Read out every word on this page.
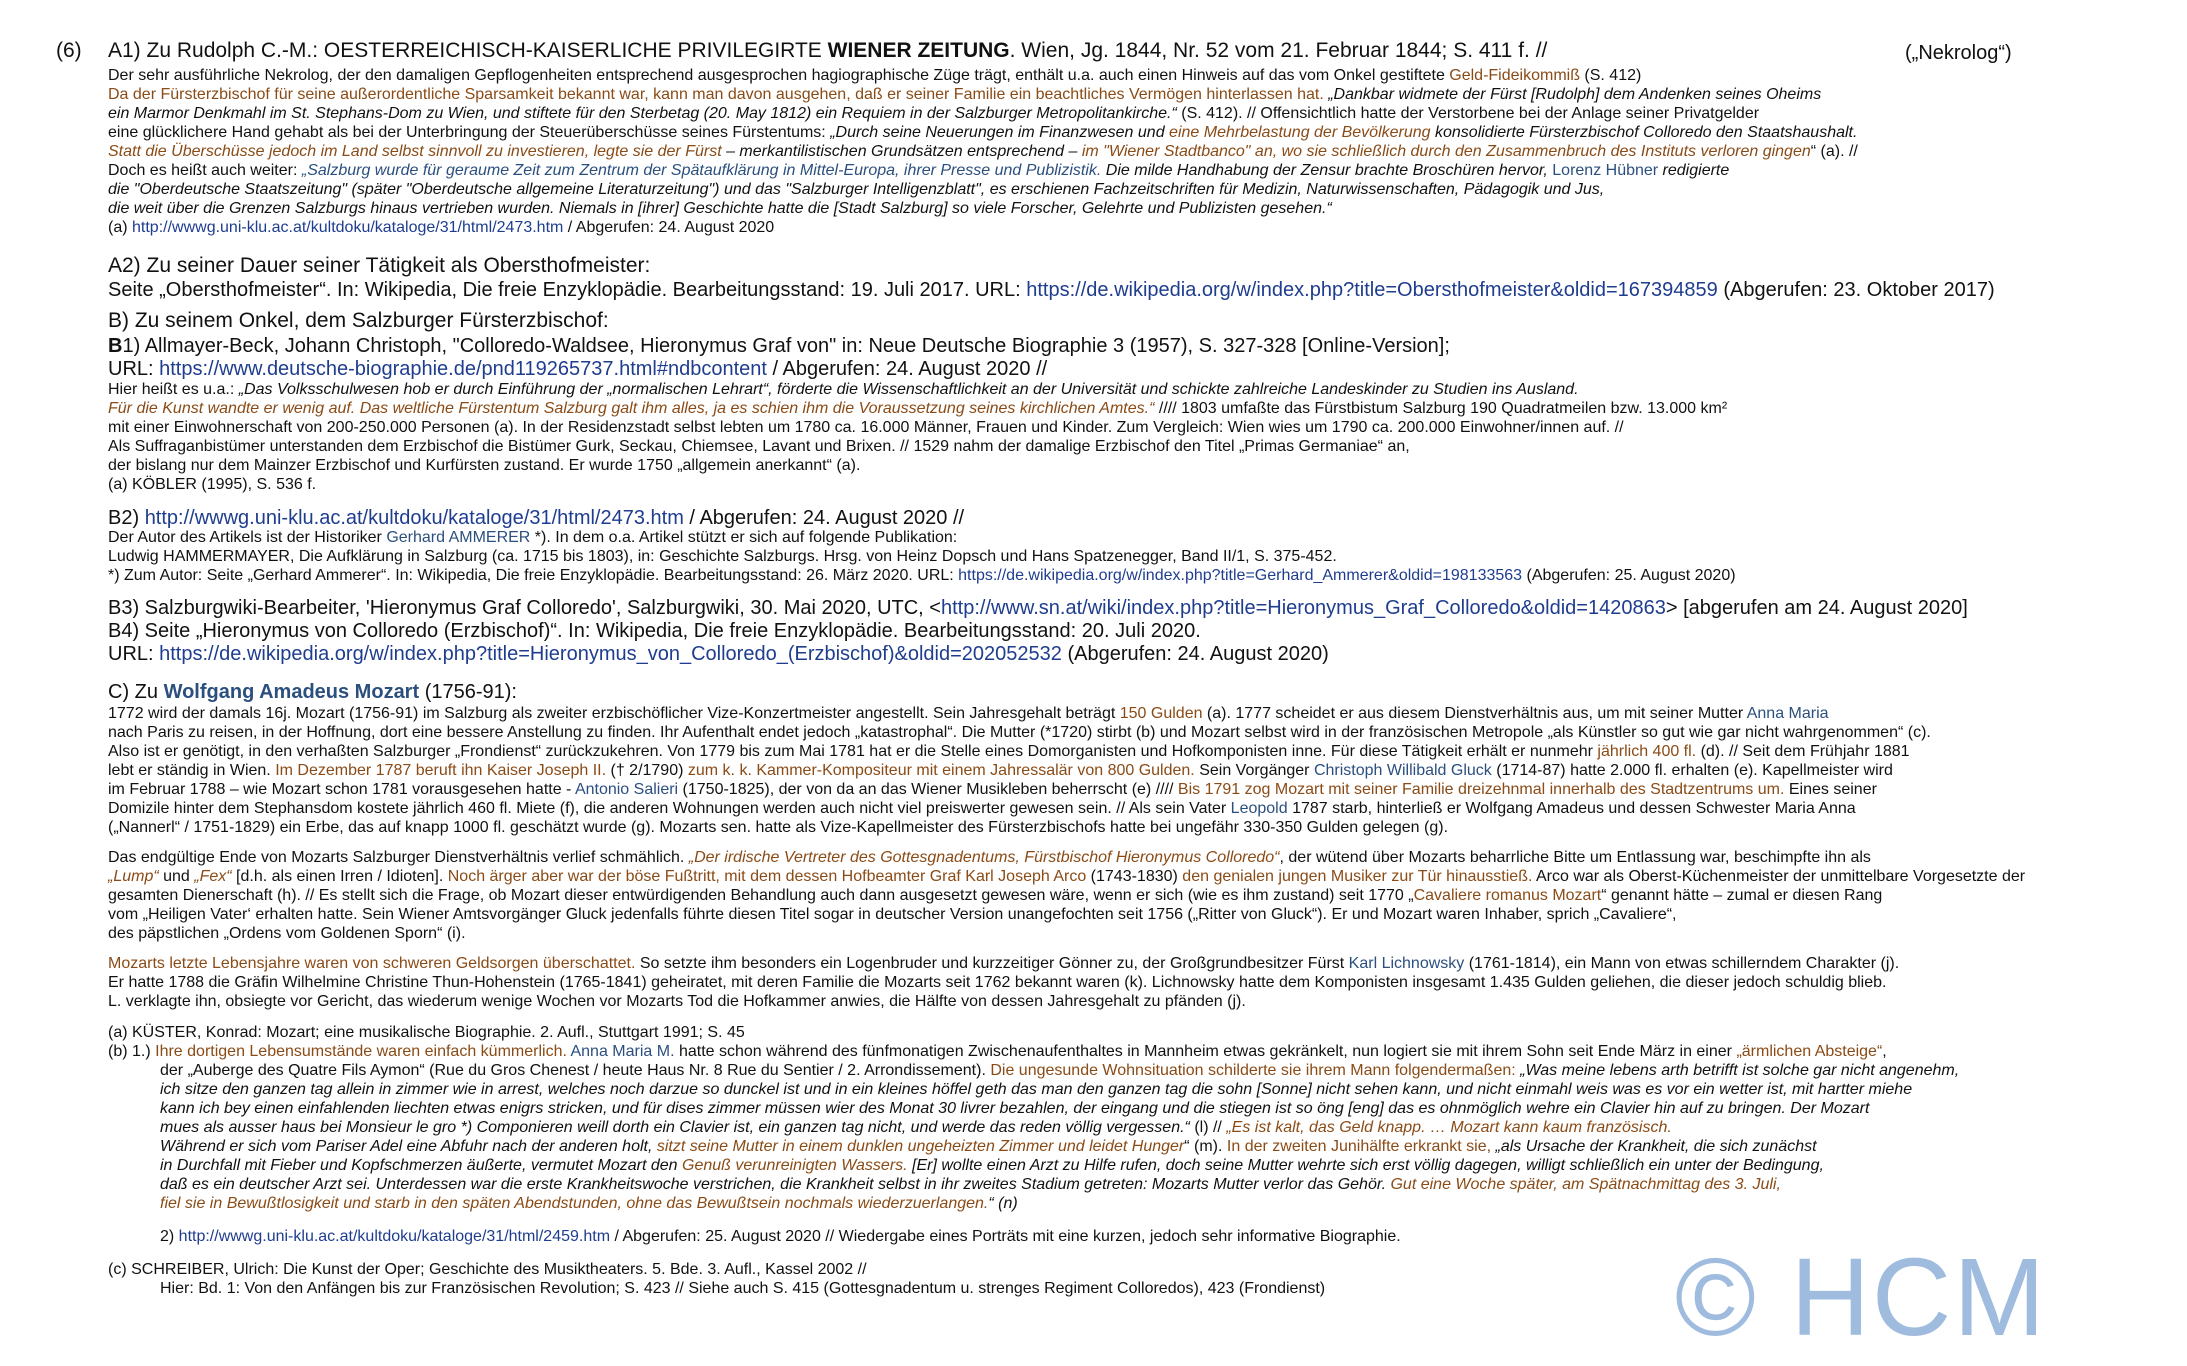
(6)	(„Nekrolog“)
A1) Zu Rudolph C.-M.: OESTERREICHISCH-KAISERLICHE PRIVILEGIRTE WIENER ZEITUNG. Wien, Jg. 1844, Nr. 52 vom 21. Februar 1844; S. 411 f. //
Der sehr ausführliche Nekrolog, der den damaligen Gepflogenheiten entsprechend ausgesprochen hagiographische Züge trägt, enthält u.a. auch einen Hinweis auf das vom Onkel gestiftete Geld-Fideikommiß (S. 412)
Da der Fürsterzbischof für seine außerordentliche Sparsamkeit bekannt war, kann man davon ausgehen, daß er seiner Familie ein beachtliches Vermögen hinterlassen hat. „Dankbar widmete der Fürst [Rudolph] dem Andenken seines Oheims
ein Marmor Denkmahl im St. Stephans-Dom zu Wien, und stiftete für den Sterbetag (20. May 1812) ein Requiem in der Salzburger Metropolitankirche.“ (S. 412). // Offensichtlich hatte der Verstorbene bei der Anlage seiner Privatgelder
eine glücklichere Hand gehabt als bei der Unterbringung der Steuerüberschüsse seines Fürstentums: „Durch seine Neuerungen im Finanzwesen und eine Mehrbelastung der Bevölkerung konsolidierte Fürsterzbischof Colloredo den Staatshaushalt.
Statt die Überschüsse jedoch im Land selbst sinnvoll zu investieren, legte sie der Fürst – merkantilistischen Grundsätzen entsprechend – im "Wiener Stadtbanco" an, wo sie schließlich durch den Zusammenbruch des Instituts verloren gingen“ (a). //
Doch es heißt auch weiter: „Salzburg wurde für geraume Zeit zum Zentrum der Spätaufklärung in Mittel-Europa, ihrer Presse und Publizistik. Die milde Handhabung der Zensur brachte Broschüren hervor, Lorenz Hübner redigierte
die "Oberdeutsche Staatszeitung" (später "Oberdeutsche allgemeine Literaturzeitung") und das "Salzburger Intelligenzblatt", es erschienen Fachzeitschriften für Medizin, Naturwissenschaften, Pädagogik und Jus,
die weit über die Grenzen Salzburgs hinaus vertrieben wurden. Niemals in [ihrer] Geschichte hatte die [Stadt Salzburg] so viele Forscher, Gelehrte und Publizisten gesehen.“
(a) http://wwwg.uni-klu.ac.at/kultdoku/kataloge/31/html/2473.htm / Abgerufen: 24. August 2020
A2) Zu seiner Dauer seiner Tätigkeit als Obersthofmeister:
Seite „Obersthofmeister“. In: Wikipedia, Die freie Enzyklopädie. Bearbeitungsstand: 19. Juli 2017. URL: https://de.wikipedia.org/w/index.php?title=Obersthofmeister&oldid=167394859 (Abgerufen: 23. Oktober 2017)
B) Zu seinem Onkel, dem Salzburger Fürsterzbischof:
B1) Allmayer-Beck, Johann Christoph, "Colloredo-Waldsee, Hieronymus Graf von" in: Neue Deutsche Biographie 3 (1957), S. 327-328 [Online-Version];
URL: https://www.deutsche-biographie.de/pnd119265737.html#ndbcontent / Abgerufen: 24. August 2020 //
Hier heißt es u.a.: „Das Volksschulwesen hob er durch Einführung der „normalischen Lehrart“, förderte die Wissenschaftlichkeit an der Universität und schickte zahlreiche Landeskinder zu Studien ins Ausland.
Für die Kunst wandte er wenig auf. Das weltliche Fürstentum Salzburg galt ihm alles, ja es schien ihm die Voraussetzung seines kirchlichen Amtes.“ //// 1803 umfaßte das Fürstbistum Salzburg 190 Quadratmeilen bzw. 13.000 km²
mit einer Einwohnerschaft von 200-250.000 Personen (a). In der Residenzstadt selbst lebten um 1780 ca. 16.000 Männer, Frauen und Kinder. Zum Vergleich: Wien wies um 1790 ca. 200.000 Einwohner/innen auf. //
Als Suffraganbistümer unterstanden dem Erzbischof die Bistümer Gurk, Seckau, Chiemsee, Lavant und Brixen. // 1529 nahm der damalige Erzbischof den Titel „Primas Germaniae“ an,
der bislang nur dem Mainzer Erzbischof und Kurfürsten zustand. Er wurde 1750 „allgemein anerkannt“ (a).
(a) KÖBLER (1995), S. 536 f.
B2) http://wwwg.uni-klu.ac.at/kultdoku/kataloge/31/html/2473.htm / Abgerufen: 24. August 2020 //
Der Autor des Artikels ist der Historiker Gerhard AMMERER *). In dem o.a. Artikel stützt er sich auf folgende Publikation:
Ludwig HAMMERMAYER, Die Aufklärung in Salzburg (ca. 1715 bis 1803), in: Geschichte Salzburgs. Hrsg. von Heinz Dopsch und Hans Spatzenegger, Band II/1, S. 375-452.
*) Zum Autor: Seite „Gerhard Ammerer“. In: Wikipedia, Die freie Enzyklopädie. Bearbeitungsstand: 26. März 2020. URL: https://de.wikipedia.org/w/index.php?title=Gerhard_Ammerer&oldid=198133563 (Abgerufen: 25. August 2020)
B3) Salzburgwiki-Bearbeiter, 'Hieronymus Graf Colloredo', Salzburgwiki, 30. Mai 2020, UTC, <http://www.sn.at/wiki/index.php?title=Hieronymus_Graf_Colloredo&oldid=1420863> [abgerufen am 24. August 2020]
B4) Seite „Hieronymus von Colloredo (Erzbischof)“. In: Wikipedia, Die freie Enzyklopädie. Bearbeitungsstand: 20. Juli 2020.
URL: https://de.wikipedia.org/w/index.php?title=Hieronymus_von_Colloredo_(Erzbischof)&oldid=202052532 (Abgerufen: 24. August 2020)
C) Zu Wolfgang Amadeus Mozart (1756-91):
1772 wird der damals 16j. Mozart (1756-91) im Salzburg als zweiter erzbischöflicher Vize-Konzertmeister angestellt. Sein Jahresgehalt beträgt 150 Gulden (a). 1777 scheidet er aus diesem Dienstverhältnis aus, um mit seiner Mutter Anna Maria
nach Paris zu reisen, in der Hoffnung, dort eine bessere Anstellung zu finden. Ihr Aufenthalt endet jedoch „katastrophal“. Die Mutter (*1720) stirbt (b) und Mozart selbst wird in der französischen Metropole „als Künstler so gut wie gar nicht wahrgenommen“ (c).
Also ist er genötigt, in den verhaßten Salzburger „Frondienst“ zurückzukehren. Von 1779 bis zum Mai 1781 hat er die Stelle eines Domorganisten und Hofkomponisten inne. Für diese Tätigkeit erhält er nunmehr jährlich 400 fl. (d). // Seit dem Frühjahr 1881
lebt er ständig in Wien. Im Dezember 1787 beruft ihn Kaiser Joseph II. († 2/1790) zum k. k. Kammer-Kompositeur mit einem Jahressalär von 800 Gulden. Sein Vorgänger Christoph Willibald Gluck (1714-87) hatte 2.000 fl. erhalten (e). Kapellmeister wird
im Februar 1788 – wie Mozart schon 1781 vorausgesehen hatte - Antonio Salieri (1750-1825), der von da an das Wiener Musikleben beherrscht (e) //// Bis 1791 zog Mozart mit seiner Familie dreizehnmal innerhalb des Stadtzentrums um. Eines seiner
Domizile hinter dem Stephansdom kostete jährlich 460 fl. Miete (f), die anderen Wohnungen werden auch nicht viel preiswerter gewesen sein. // Als sein Vater Leopold 1787 starb, hinterließ er Wolfgang Amadeus und dessen Schwester Maria Anna
(„Nannerl“ / 1751-1829) ein Erbe, das auf knapp 1000 fl. geschätzt wurde (g). Mozarts sen. hatte als Vize-Kapellmeister des Fürsterzbischofs hatte bei ungefähr 330-350 Gulden gelegen (g).
Das endgültige Ende von Mozarts Salzburger Dienstverhältnis verlief schmählich. „Der irdische Vertreter des Gottesgnadentums, Fürstbischof Hieronymus Colloredo“, der wütend über Mozarts beharrliche Bitte um Entlassung war, beschimpfte ihn als
„Lump“ und „Fex“ [d.h. als einen Irren / Idioten]. Noch ärger aber war der böse Fußtritt, mit dem dessen Hofbeamter Graf Karl Joseph Arco (1743-1830) den genialen jungen Musiker zur Tür hinausstieß. Arco war als Oberst-Küchenmeister der unmittelbare Vorgesetzte der
gesamten Dienerschaft (h). // Es stellt sich die Frage, ob Mozart dieser entwürdigenden Behandlung auch dann ausgesetzt gewesen wäre, wenn er sich (wie es ihm zustand) seit 1770 „Cavaliere romanus Mozart“ genannt hätte – zumal er diesen Rang
vom „Heiligen Vater‘ erhalten hatte. Sein Wiener Amtsvorgänger Gluck jedenfalls führte diesen Titel sogar in deutscher Version unangefochten seit 1756 („Ritter von Gluck“). Er und Mozart waren Inhaber, sprich „Cavaliere“,
des päpstlichen „Ordens vom Goldenen Sporn“ (i).
Mozarts letzte Lebensjahre waren von schweren Geldsorgen überschattet. So setzte ihm besonders ein Logenbruder und kurzzeitiger Gönner zu, der Großgrundbesitzer Fürst Karl Lichnowsky (1761-1814), ein Mann von etwas schillerndem Charakter (j).
Er hatte 1788 die Gräfin Wilhelmine Christine Thun-Hohenstein (1765-1841) geheiratet, mit deren Familie die Mozarts seit 1762 bekannt waren (k). Lichnowsky hatte dem Komponisten insgesamt 1.435 Gulden geliehen, die dieser jedoch schuldig blieb.
L. verklagte ihn, obsiegte vor Gericht, das wiederum wenige Wochen vor Mozarts Tod die Hofkammer anwies, die Hälfte von dessen Jahresgehalt zu pfänden (j).
(a) KÜSTER, Konrad: Mozart; eine musikalische Biographie. 2. Aufl., Stuttgart 1991; S. 45
(b) 1.) Ihre dortigen Lebensumstände waren einfach kümmerlich. Anna Maria M. hatte schon während des fünfmonatigen Zwischenaufenthaltes in Mannheim etwas gekränkelt, nun logiert sie mit ihrem Sohn seit Ende März in einer „ärmlichen Absteige“,
der „Auberge des Quatre Fils Aymon“ (Rue du Gros Chenest / heute Haus Nr. 8 Rue du Sentier / 2. Arrondissement). Die ungesunde Wohnsituation schilderte sie ihrem Mann folgendermaßen: „Was meine lebens arth betrifft ist solche gar nicht angenehm,
ich sitze den ganzen tag allein in zimmer wie in arrest, welches noch darzue so dunckel ist und in ein kleines höffel geth das man den ganzen tag die sohn [Sonne] nicht sehen kann, und nicht einmahl weis was es vor ein wetter ist, mit hartter miehe
kann ich bey einen einfahlenden liechten etwas enigrs stricken, und für dises zimmer müssen wier des Monat 30 livrer bezahlen, der eingang und die stiegen ist so öng [eng] das es ohnmöglich wehre ein Clavier hin auf zu bringen. Der Mozart
mues als ausser haus bei Monsieur le gro *) Componieren weill dorth ein Clavier ist, ein ganzen tag nicht, und werde das reden völlig vergessen.“ (l) // „Es ist kalt, das Geld knapp. … Mozart kann kaum französisch.
Während er sich vom Pariser Adel eine Abfuhr nach der anderen holt, sitzt seine Mutter in einem dunklen ungeheizten Zimmer und leidet Hunger“ (m). In der zweiten Junihälfte erkrankt sie, „als Ursache der Krankheit, die sich zunächst
in Durchfall mit Fieber und Kopfschmerzen äußerte, vermutet Mozart den Genuß verunreinigten Wassers. [Er] wollte einen Arzt zu Hilfe rufen, doch seine Mutter wehrte sich erst völlig dagegen, willigt schließlich ein unter der Bedingung,
daß es ein deutscher Arzt sei. Unterdessen war die erste Krankheitswoche verstrichen, die Krankheit selbst in ihr zweites Stadium getreten: Mozarts Mutter verlor das Gehör. Gut eine Woche später, am Spätnachmittag des 3. Juli,
fiel sie in Bewußtlosigkeit und starb in den späten Abendstunden, ohne das Bewußtsein nochmals wiederzuerlangen.“ (n)
2) http://wwwg.uni-klu.ac.at/kultdoku/kataloge/31/html/2459.htm / Abgerufen: 25. August 2020 // Wiedergabe eines Porträts mit eine kurzen, jedoch sehr informative Biographie.
(c) SCHREIBER, Ulrich: Die Kunst der Oper; Geschichte des Musiktheaters. 5. Bde. 3. Aufl., Kassel 2002 //
Hier: Bd. 1: Von den Anfängen bis zur Französischen Revolution; S. 423 // Siehe auch S. 415 (Gottesgnadentum u. strenges Regiment Colloredos), 423 (Frondienst)	© HCM
